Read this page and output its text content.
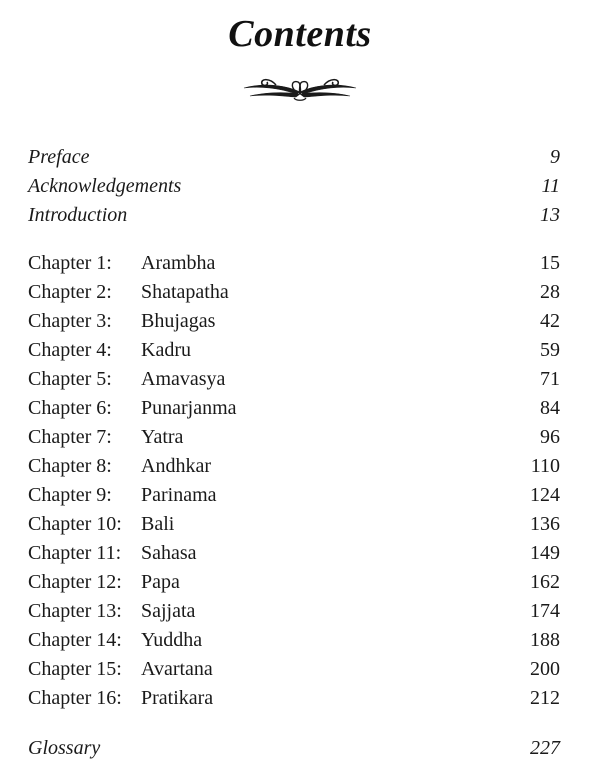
Contents
Preface	9
Acknowledgements	11
Introduction	13
Chapter 1: Arambha	15
Chapter 2: Shatapatha	28
Chapter 3: Bhujagas	42
Chapter 4: Kadru	59
Chapter 5: Amavasya	71
Chapter 6: Punarjanma	84
Chapter 7: Yatra	96
Chapter 8: Andhkar	110
Chapter 9: Parinama	124
Chapter 10: Bali	136
Chapter 11: Sahasa	149
Chapter 12: Papa	162
Chapter 13: Sajjata	174
Chapter 14: Yuddha	188
Chapter 15: Avartana	200
Chapter 16: Pratikara	212
Glossary	227
